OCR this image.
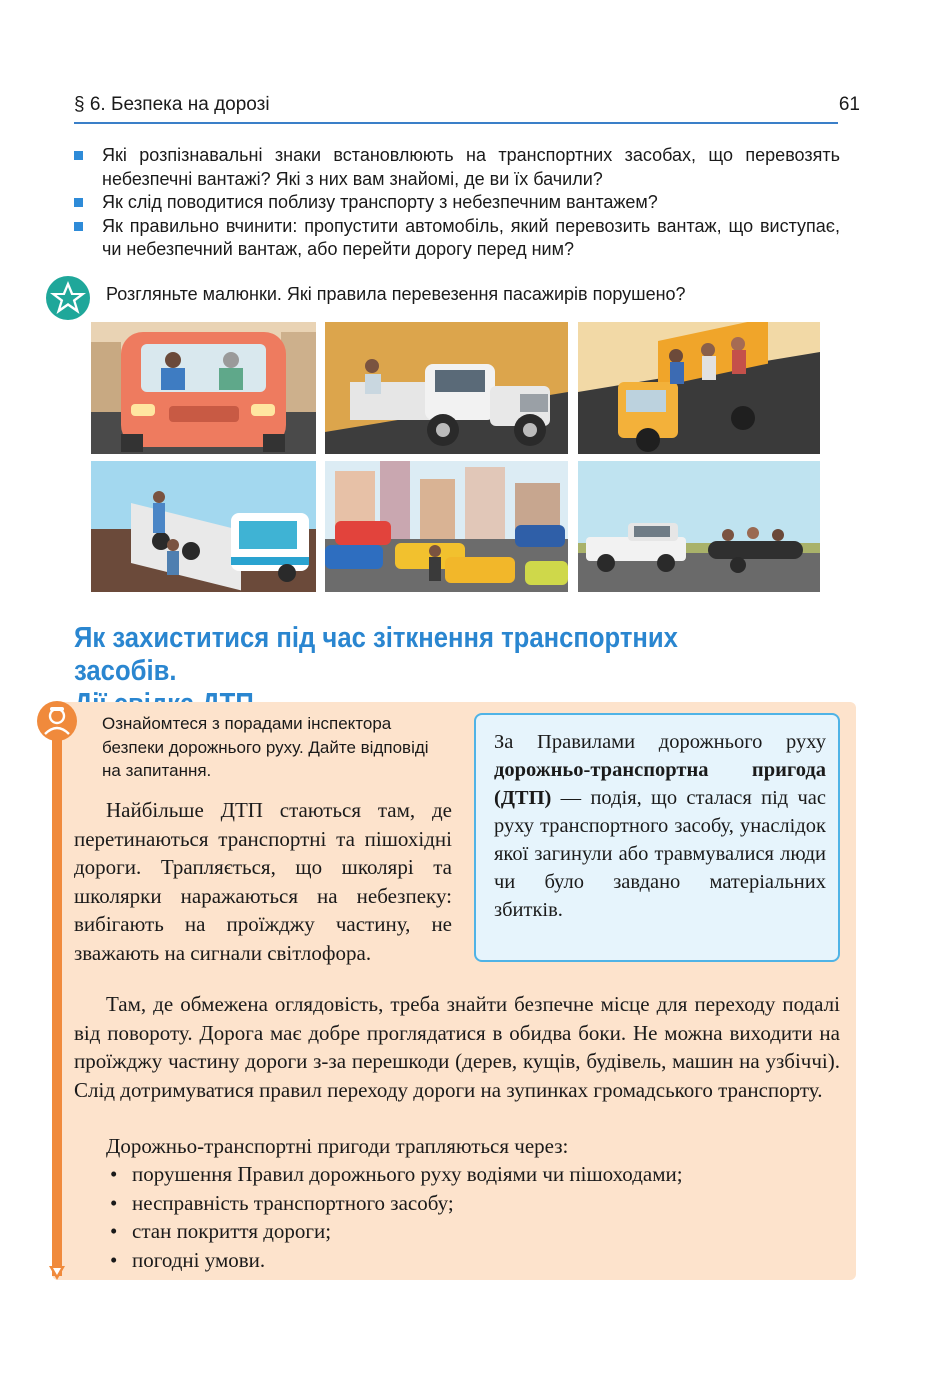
§ 6. Безпека на дорозі	61
Які розпізнавальні знаки встановлюють на транспортних засобах, що перевозять небезпечні вантажі? Які з них вам знайомі, де ви їх бачили?
Як слід поводитися поблизу транспорту з небезпечним вантажем?
Як правильно вчинити: пропустити автомобіль, який перевозить вантаж, що виступає, чи небезпечний вантаж, або перейти дорогу перед ним?
Розгляньте малюнки. Які правила перевезення пасажирів порушено?
Як захиститися під час зіткнення транспортних засобів.
Ознайомтеся з порадами інспектора безпеки дорожнього руху. Дайте відповіді на запитання.
За Правилами дорожнього руху дорожньо-транспортна пригода (ДТП) — подія, що сталася під час руху транспортного засобу, унаслідок якої загинули або травмувалися люди чи було завдано матеріальних збитків.
Найбільше ДТП стаються там, де перетинаються транспортні та пішохідні дороги. Трапляється, що школярі та школярки наражаються на небезпеку: вибігають на проїжджу частину, не зважають на сигнали світлофора.
Там, де обмежена оглядовість, треба знайти безпечне місце для переходу подалі від повороту. Дорога має добре проглядатися в обидва боки. Не можна виходити на проїжджу частину дороги з-за перешкоди (дерев, кущів, будівель, машин на узбіччі). Слід дотримуватися правил переходу дороги на зупинках громадського транспорту.
Дорожньо-транспортні пригоди трапляються через:
• порушення Правил дорожнього руху водіями чи пішоходами;
• несправність транспортного засобу;
• стан покриття дороги;
• погодні умови.
